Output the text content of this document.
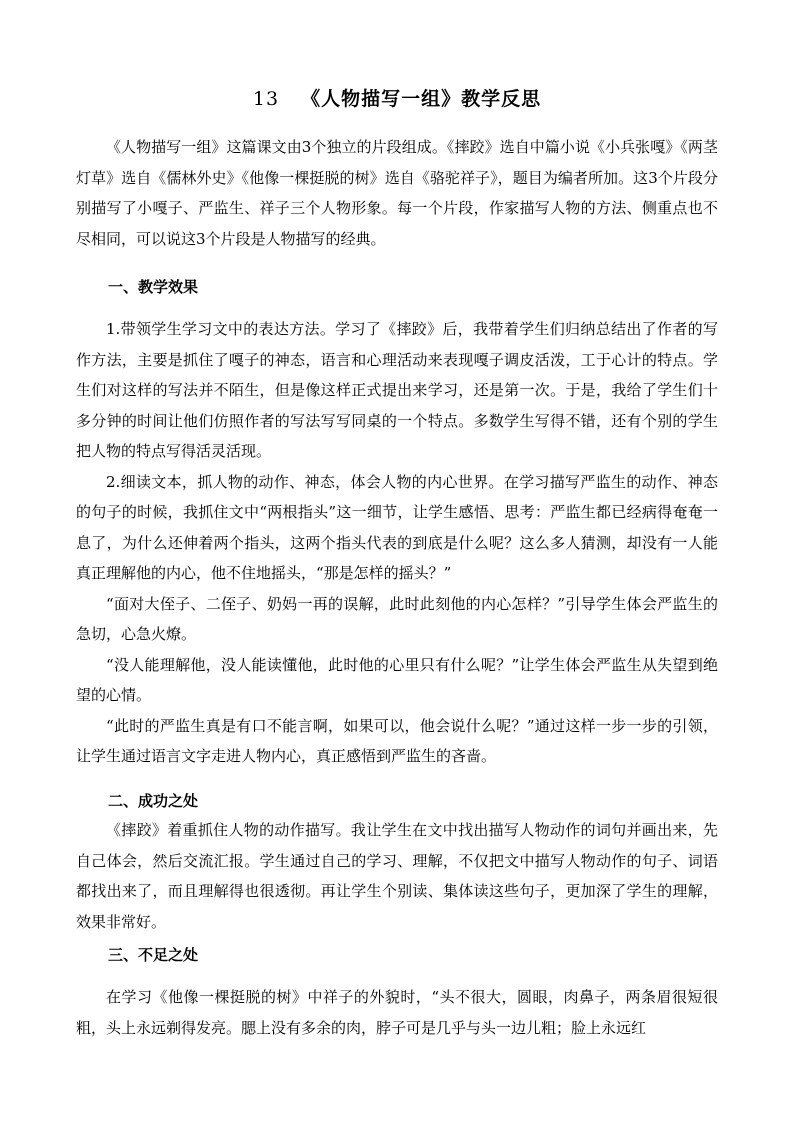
13 《人物描写一组》教学反思

《人物描写一组》这篇课文由3个独立的片段组成。《摔跤》选自中篇小说《小兵张嘎》《两茎灯草》选自《儒林外史》《他像一棵挺脱的树》选自《骆驼祥子》，题目为编者所加。这3个片段分别描写了小嘎子、严监生、祥子三个人物形象。每一个片段，作家描写人物的方法、侧重点也不尽相同，可以说这3个片段是人物描写的经典。

一、教学效果

1.带领学生学习文中的表达方法。学习了《摔跤》后，我带着学生们归纳总结出了作者的写作方法，主要是抓住了嘎子的神态，语言和心理活动来表现嘎子调皮活泼，工于心计的特点。学生们对这样的写法并不陌生，但是像这样正式提出来学习，还是第一次。于是，我给了学生们十多分钟的时间让他们仿照作者的写法写写同桌的一个特点。多数学生写得不错，还有个别的学生把人物的特点写得活灵活现。

2.细读文本，抓人物的动作、神态，体会人物的内心世界。在学习描写严监生的动作、神态的句子的时候，我抓住文中“两根指头”这一细节，让学生感悟、思考：严监生都已经病得奄奄一息了，为什么还伸着两个指头，这两个指头代表的到底是什么呢？这么多人猜测，却没有一人能真正理解他的内心，他不住地摇头，“那是怎样的摇头？”

“面对大侄子、二侄子、奶妈一再的误解，此时此刻他的内心怎样？”引导学生体会严监生的急切，心急火燎。

“没人能理解他，没人能读懂他，此时他的心里只有什么呢？”让学生体会严监生从失望到绝望的心情。

“此时的严监生真是有口不能言啊，如果可以，他会说什么呢？”通过这样一步一步的引领，让学生通过语言文字走进人物内心，真正感悟到严监生的吝啬。

二、成功之处

《摔跤》着重抓住人物的动作描写。我让学生在文中找出描写人物动作的词句并画出来，先自己体会，然后交流汇报。学生通过自己的学习、理解，不仅把文中描写人物动作的句子、词语都找出来了，而且理解得也很透彻。再让学生个别读、集体读这些句子，更加深了学生的理解，效果非常好。

三、不足之处

在学习《他像一棵挺脱的树》中祥子的外貌时，“头不很大，圆眼，肉鼻子，两条眉很短很粗，头上永远剃得发亮。腮上没有多余的肉，脖子可是几乎与头一边儿粗；脸上永远红
